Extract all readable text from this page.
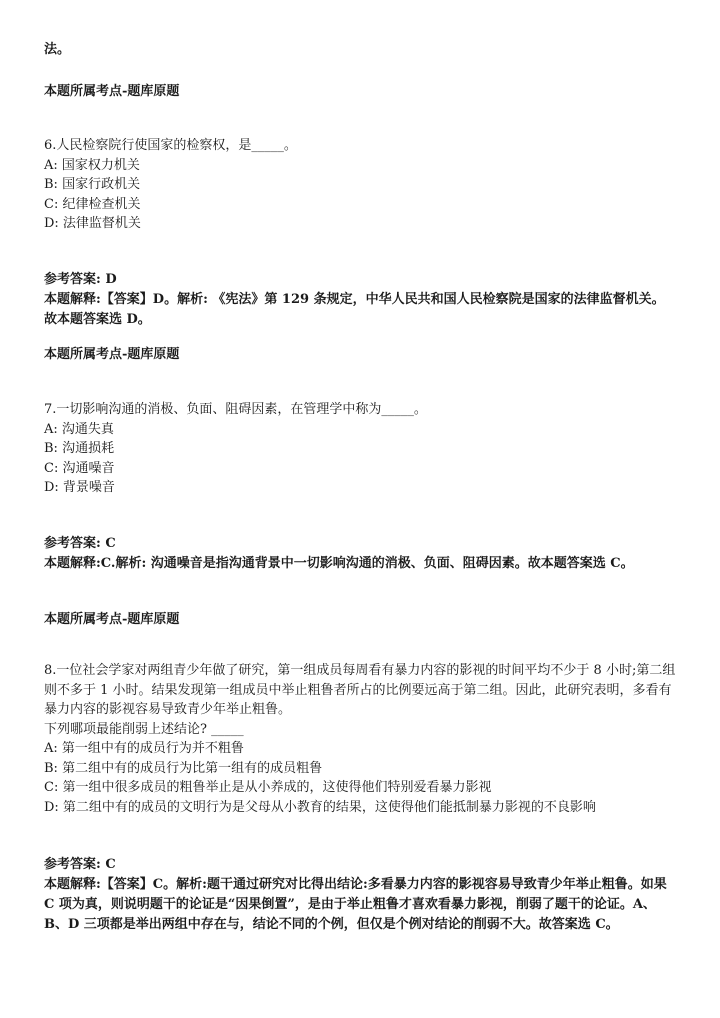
法。
本题所属考点-题库原题
6.人民检察院行使国家的检察权，是_____。
A: 国家权力机关
B: 国家行政机关
C: 纪律检查机关
D: 法律监督机关
参考答案: D
本题解释:【答案】D。解析: 《宪法》第 129 条规定，中华人民共和国人民检察院是国家的法律监督机关。故本题答案选 D。
本题所属考点-题库原题
7.一切影响沟通的消极、负面、阻碍因素，在管理学中称为_____。
A: 沟通失真
B: 沟通损耗
C: 沟通噪音
D: 背景噪音
参考答案: C
本题解释:C.解析: 沟通噪音是指沟通背景中一切影响沟通的消极、负面、阻碍因素。故本题答案选 C。
本题所属考点-题库原题
8.一位社会学家对两组青少年做了研究，第一组成员每周看有暴力内容的影视的时间平均不少于 8 小时;第二组则不多于 1 小时。结果发现第一组成员中举止粗鲁者所占的比例要远高于第二组。因此，此研究表明，多看有暴力内容的影视容易导致青少年举止粗鲁。
下列哪项最能削弱上述结论? _____
A: 第一组中有的成员行为并不粗鲁
B: 第二组中有的成员行为比第一组有的成员粗鲁
C: 第一组中很多成员的粗鲁举止是从小养成的，这使得他们特别爱看暴力影视
D: 第二组中有的成员的文明行为是父母从小教育的结果，这使得他们能抵制暴力影视的不良影响
参考答案: C
本题解释:【答案】C。解析:题干通过研究对比得出结论:多看暴力内容的影视容易导致青少年举止粗鲁。如果 C 项为真，则说明题干的论证是“因果倒置”，是由于举止粗鲁才喜欢看暴力影视，削弱了题干的论证。A、B、D 三项都是举出两组中存在与，结论不同的个例，但仅是个例对结论的削弱不大。故答案选 C。
